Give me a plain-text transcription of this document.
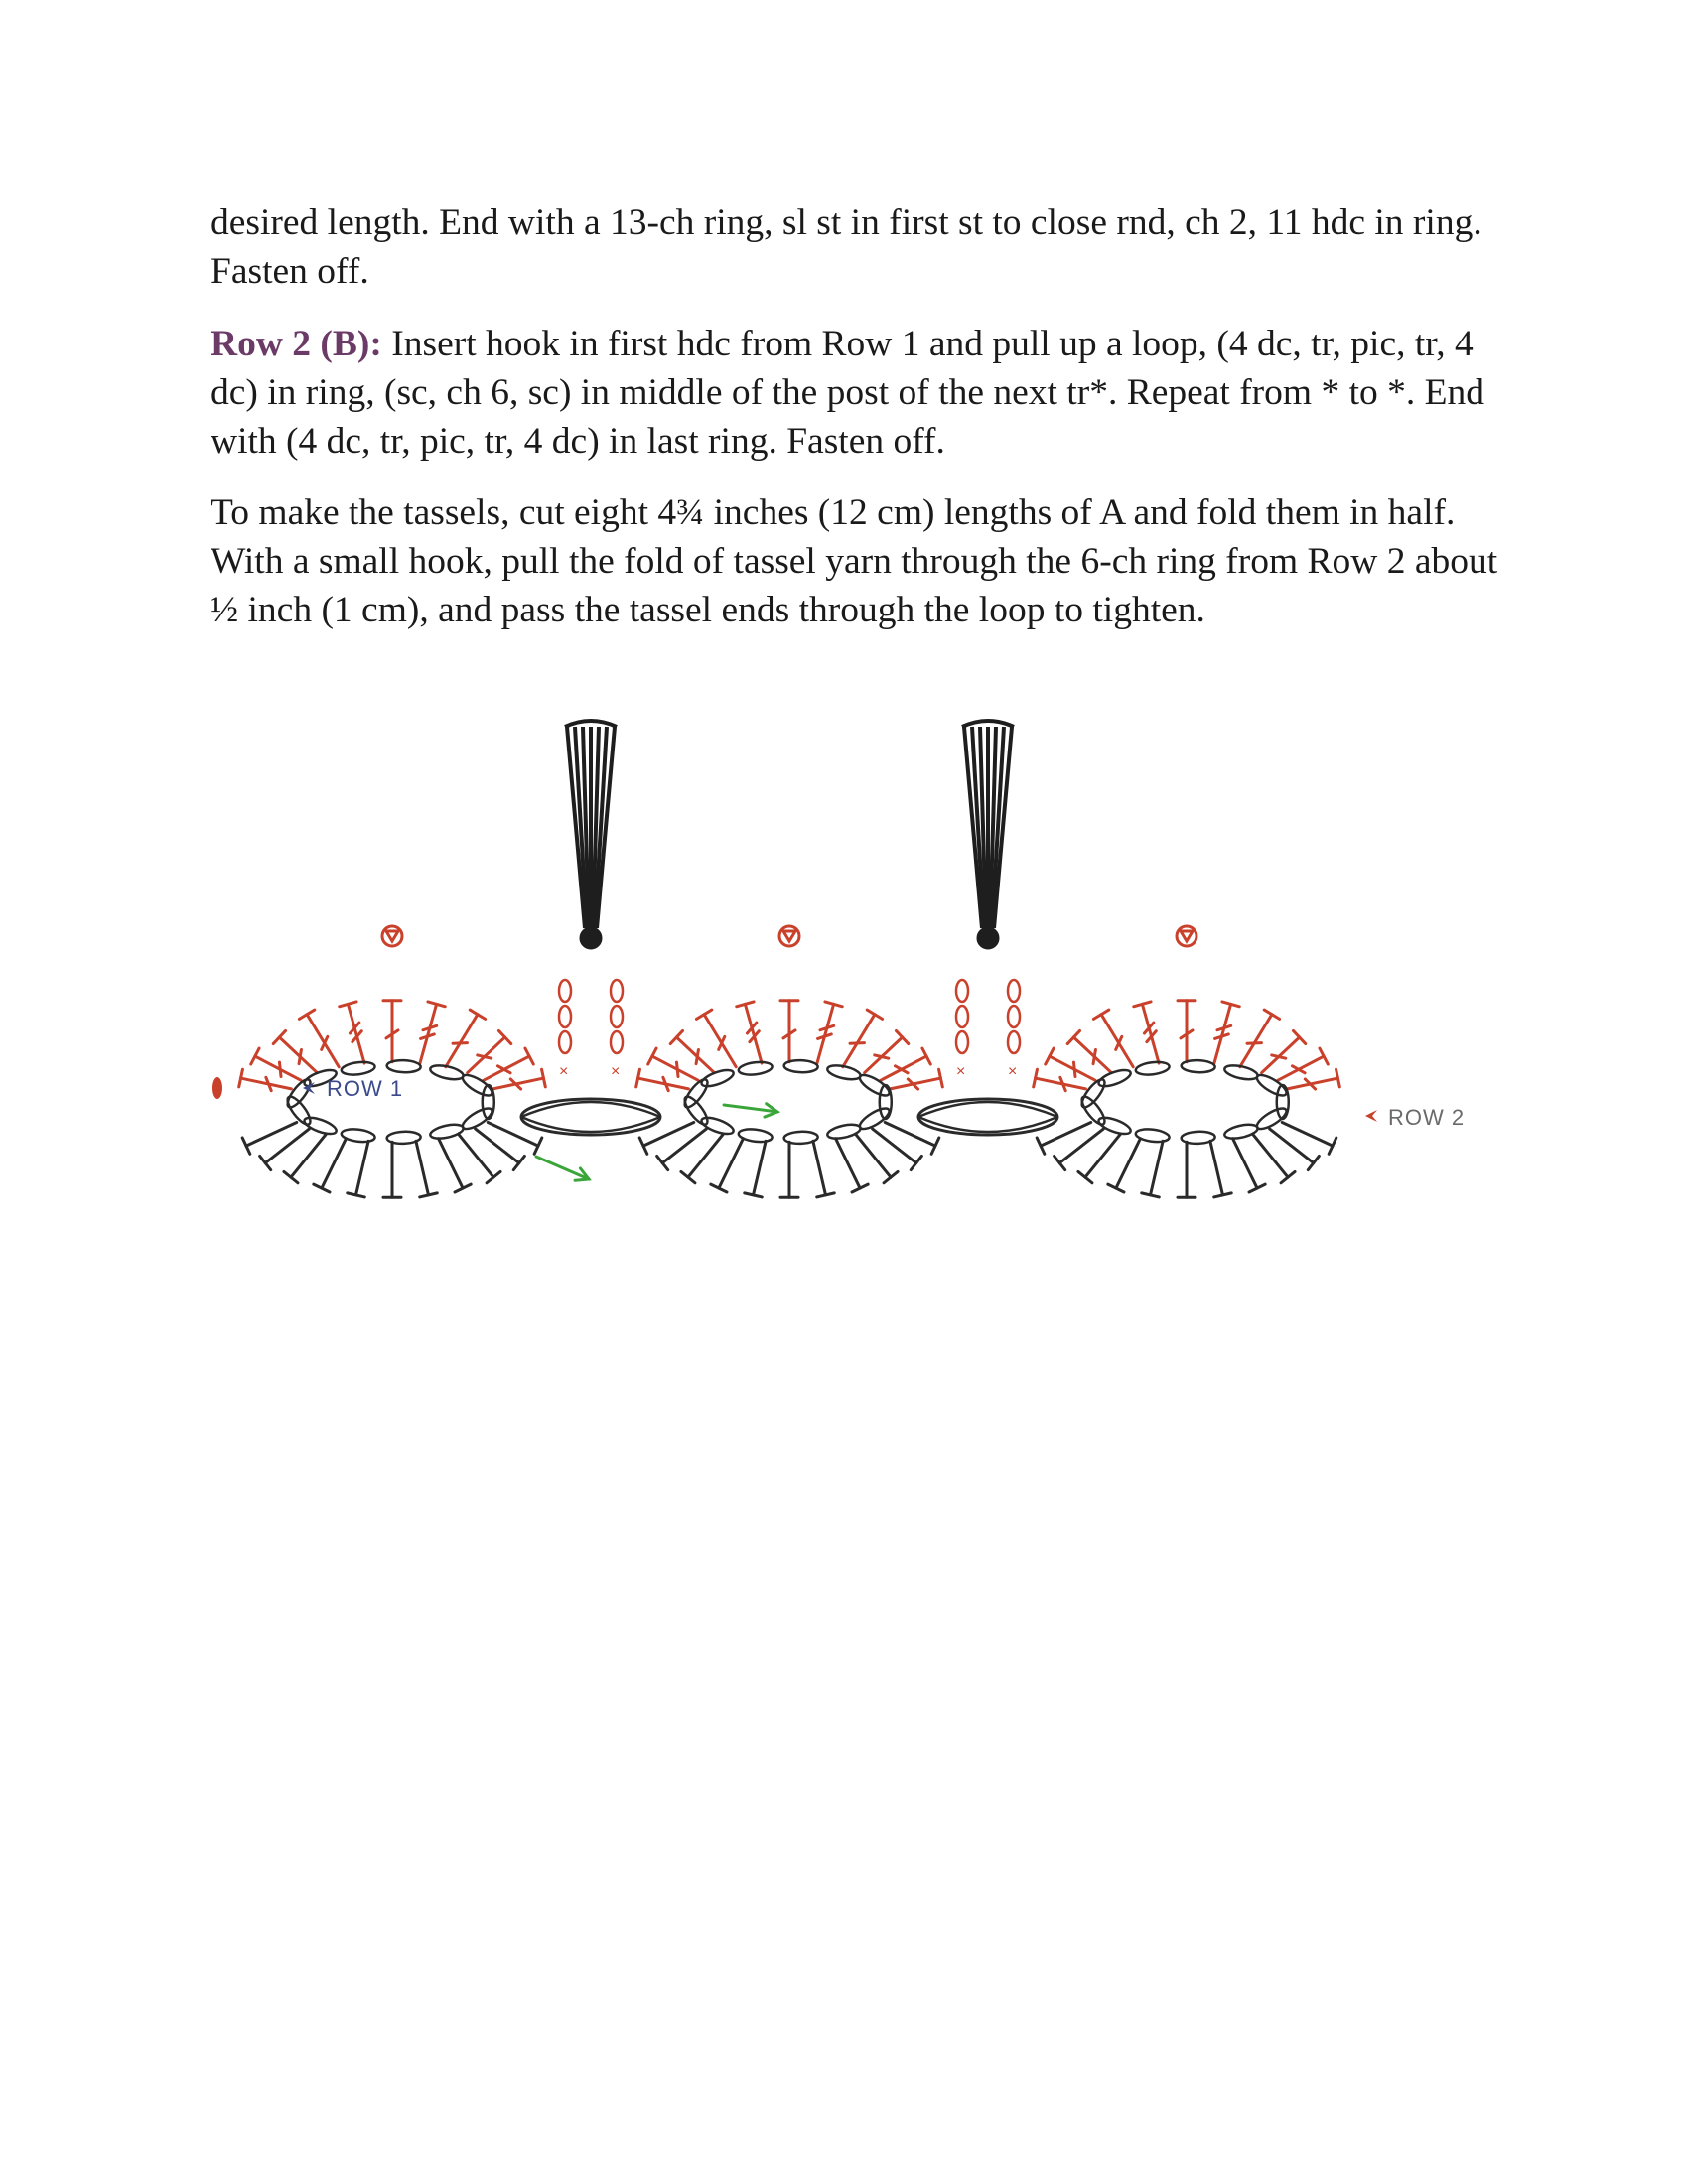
desired length. End with a 13-ch ring, sl st in first st to close rnd, ch 2, 11 hdc in ring. Fasten off.

Row 2 (B): Insert hook in first hdc from Row 1 and pull up a loop, (4 dc, tr, pic, tr, 4 dc) in ring, (sc, ch 6, sc) in middle of the post of the next tr*. Repeat from * to *. End with (4 dc, tr, pic, tr, 4 dc) in last ring. Fasten off.

To make the tassels, cut eight 4¾ inches (12 cm) lengths of A and fold them in half. With a small hook, pull the fold of tassel yarn through the 6-ch ring from Row 2 about ½ inch (1 cm), and pass the tassel ends through the loop to tighten.

×	×	×	×
ROW 1
ROW 2
